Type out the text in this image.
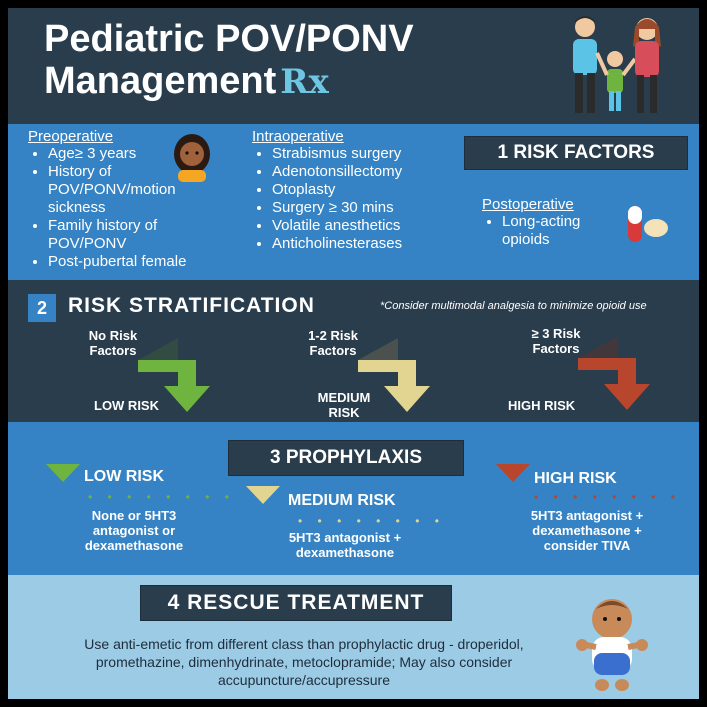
Pediatric POV/PONV
Management Rx
Preoperative
• Age≥ 3 years
• History of POV/PONV/motion sickness
• Family history of POV/PONV
• Post-pubertal female
Intraoperative
• Strabismus surgery
• Adenotonsillectomy
• Otoplasty
• Surgery ≥ 30 mins
• Volatile anesthetics
• Anticholinesterases
1 RISK FACTORS
Postoperative
• Long-acting opioids
2	RISK STRATIFICATION	*Consider multimodal analgesia to minimize opioid use
No Risk Factors
LOW RISK
1-2 Risk Factors
MEDIUM RISK
≥ 3 Risk Factors
HIGH RISK
3 PROPHYLAXIS
LOW RISK
• • • • • • • •
None or 5HT3 antagonist or dexamethasone
MEDIUM RISK
• • • • • • • •
5HT3 antagonist + dexamethasone
HIGH RISK
• • • • • • • •
5HT3 antagonist + dexamethasone + consider TIVA
4 RESCUE TREATMENT
Use anti-emetic from different class than prophylactic drug - droperidol, promethazine, dimenhydrinate, metoclopramide; May also consider accupuncture/accupressure
